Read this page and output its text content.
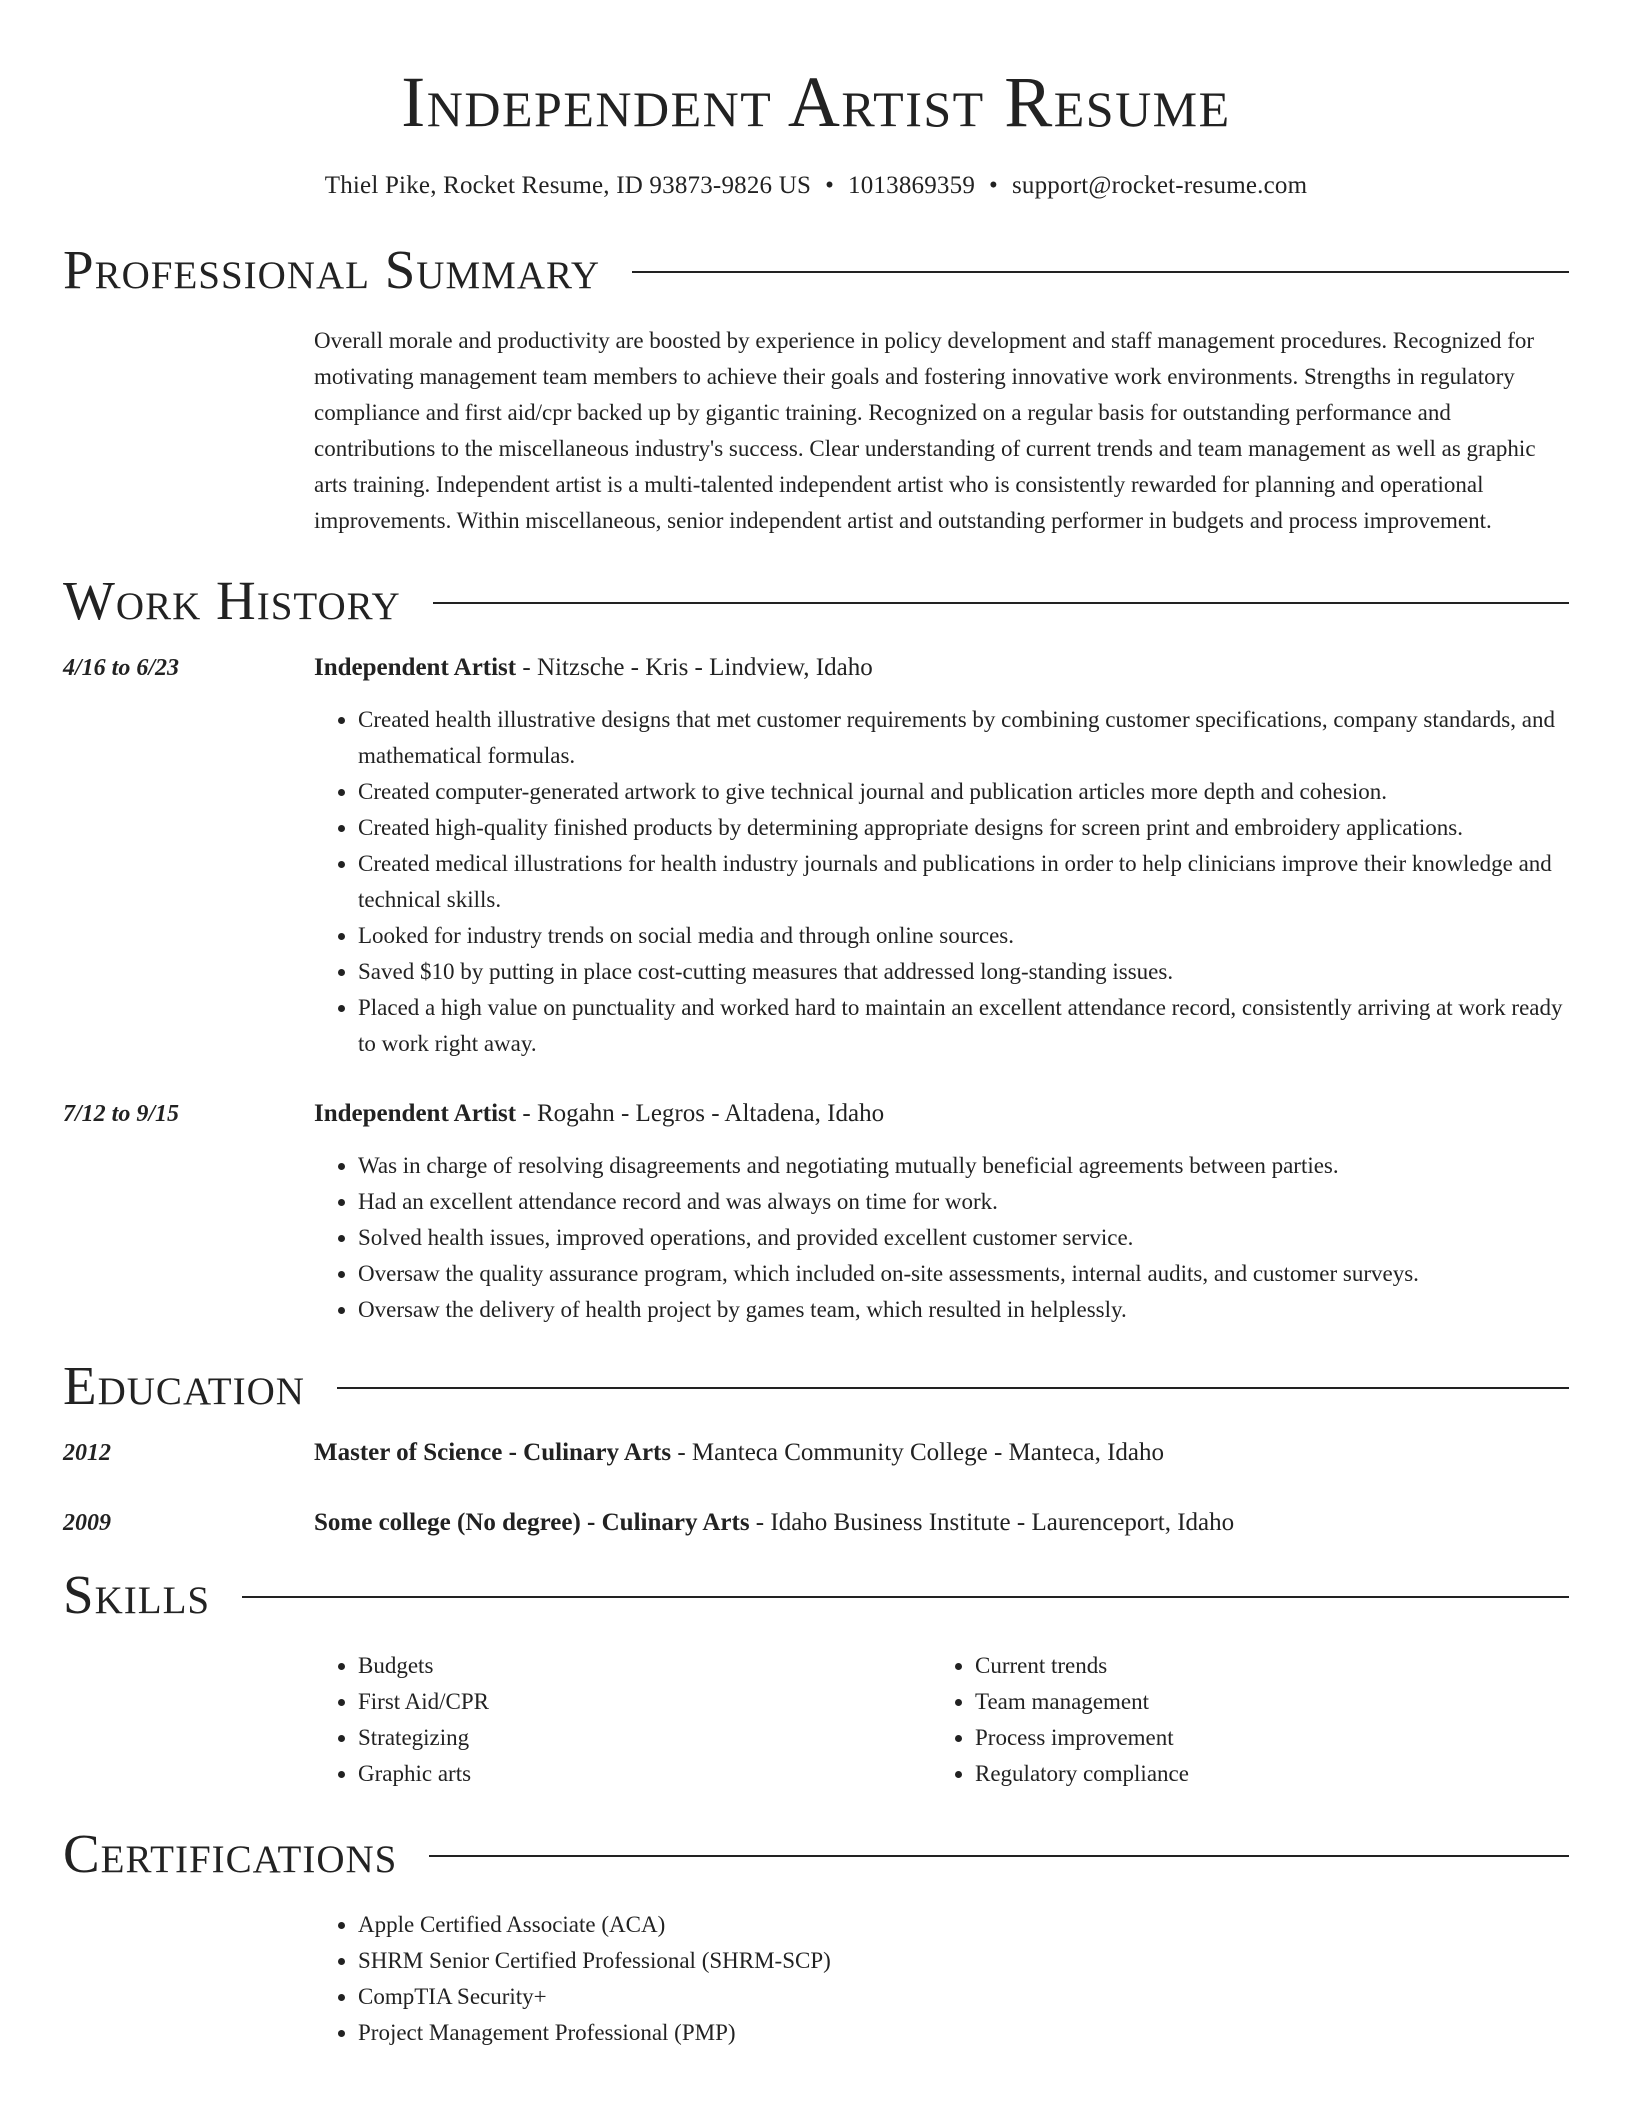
Independent Artist Resume
Thiel Pike, Rocket Resume, ID 93873-9826 US • 1013869359 • support@rocket-resume.com
Professional Summary
Overall morale and productivity are boosted by experience in policy development and staff management procedures. Recognized for motivating management team members to achieve their goals and fostering innovative work environments. Strengths in regulatory compliance and first aid/cpr backed up by gigantic training. Recognized on a regular basis for outstanding performance and contributions to the miscellaneous industry's success. Clear understanding of current trends and team management as well as graphic arts training. Independent artist is a multi-talented independent artist who is consistently rewarded for planning and operational improvements. Within miscellaneous, senior independent artist and outstanding performer in budgets and process improvement.
Work History
4/16 to 6/23	Independent Artist - Nitzsche - Kris - Lindview, Idaho
• Created health illustrative designs that met customer requirements by combining customer specifications, company standards, and mathematical formulas.
• Created computer-generated artwork to give technical journal and publication articles more depth and cohesion.
• Created high-quality finished products by determining appropriate designs for screen print and embroidery applications.
• Created medical illustrations for health industry journals and publications in order to help clinicians improve their knowledge and technical skills.
• Looked for industry trends on social media and through online sources.
• Saved $10 by putting in place cost-cutting measures that addressed long-standing issues.
• Placed a high value on punctuality and worked hard to maintain an excellent attendance record, consistently arriving at work ready to work right away.
7/12 to 9/15	Independent Artist - Rogahn - Legros - Altadena, Idaho
• Was in charge of resolving disagreements and negotiating mutually beneficial agreements between parties.
• Had an excellent attendance record and was always on time for work.
• Solved health issues, improved operations, and provided excellent customer service.
• Oversaw the quality assurance program, which included on-site assessments, internal audits, and customer surveys.
• Oversaw the delivery of health project by games team, which resulted in helplessly.
Education
2012	Master of Science - Culinary Arts - Manteca Community College - Manteca, Idaho
2009	Some college (No degree) - Culinary Arts - Idaho Business Institute - Laurenceport, Idaho
Skills
• Budgets
• First Aid/CPR
• Strategizing
• Graphic arts
• Current trends
• Team management
• Process improvement
• Regulatory compliance
Certifications
• Apple Certified Associate (ACA)
• SHRM Senior Certified Professional (SHRM-SCP)
• CompTIA Security+
• Project Management Professional (PMP)
